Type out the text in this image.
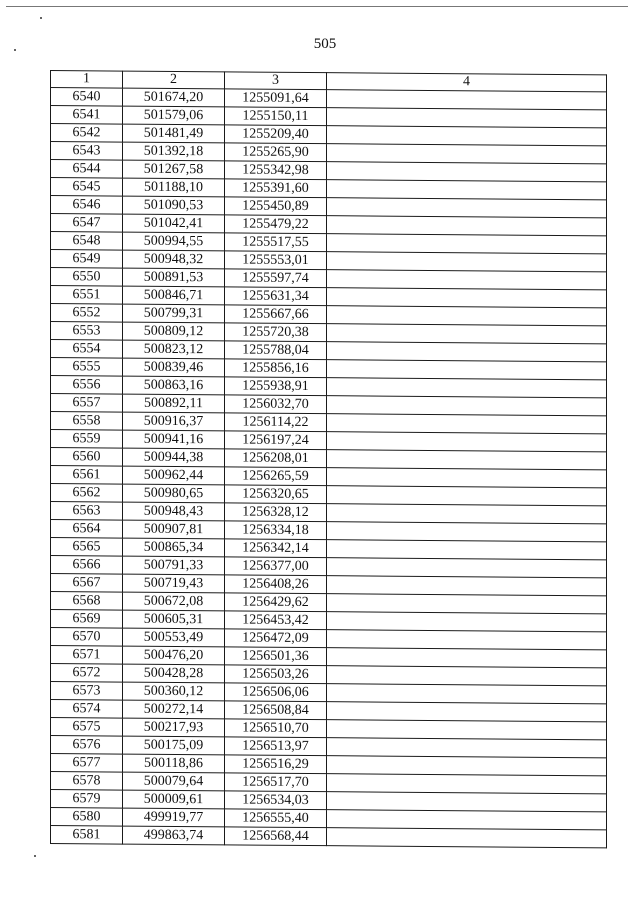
505
1	2	3	4
6540	501674,20	1255091,64	
6541	501579,06	1255150,11	
6542	501481,49	1255209,40	
6543	501392,18	1255265,90	
6544	501267,58	1255342,98	
6545	501188,10	1255391,60	
6546	501090,53	1255450,89	
6547	501042,41	1255479,22	
6548	500994,55	1255517,55	
6549	500948,32	1255553,01	
6550	500891,53	1255597,74	
6551	500846,71	1255631,34	
6552	500799,31	1255667,66	
6553	500809,12	1255720,38	
6554	500823,12	1255788,04	
6555	500839,46	1255856,16	
6556	500863,16	1255938,91	
6557	500892,11	1256032,70	
6558	500916,37	1256114,22	
6559	500941,16	1256197,24	
6560	500944,38	1256208,01	
6561	500962,44	1256265,59	
6562	500980,65	1256320,65	
6563	500948,43	1256328,12	
6564	500907,81	1256334,18	
6565	500865,34	1256342,14	
6566	500791,33	1256377,00	
6567	500719,43	1256408,26	
6568	500672,08	1256429,62	
6569	500605,31	1256453,42	
6570	500553,49	1256472,09	
6571	500476,20	1256501,36	
6572	500428,28	1256503,26	
6573	500360,12	1256506,06	
6574	500272,14	1256508,84	
6575	500217,93	1256510,70	
6576	500175,09	1256513,97	
6577	500118,86	1256516,29	
6578	500079,64	1256517,70	
6579	500009,61	1256534,03	
6580	499919,77	1256555,40	
6581	499863,74	1256568,44	
